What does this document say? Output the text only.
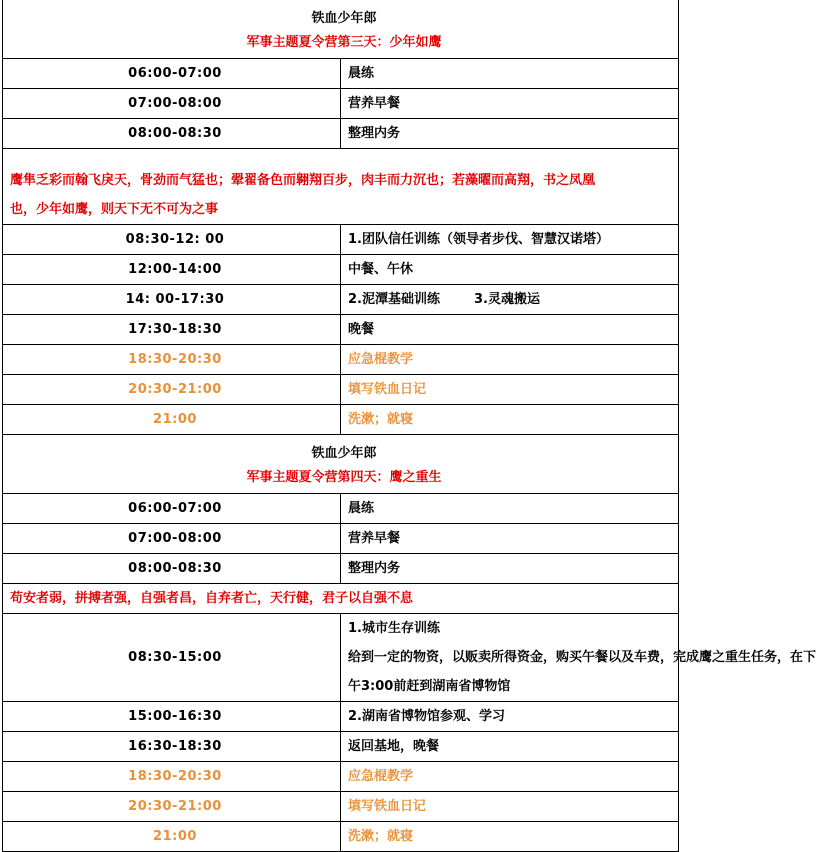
铁血少年郎
军事主题夏令营第三天：少年如鹰	

06:00-07:00	晨练
07:00-08:00	营养早餐
08:00-08:30	整理内务

鹰隼乏彩而翰飞戾天，骨劲而气猛也；翚翟备色而翱翔百步，肉丰而力沉也；若藻曜而高翔，书之凤凰
也，少年如鹰，则天下无不可为之事	

08:30-12: 00	1.团队信任训练（领导者步伐、智慧汉诺塔）
12:00-14:00	中餐、午休
14: 00-17:30	2.泥潭基础训练 3.灵魂搬运
17:30-18:30	晚餐
18:30-20:30	应急棍教学
20:30-21:00	填写铁血日记
21:00	洗漱；就寝

铁血少年郎
军事主题夏令营第四天：鹰之重生	

06:00-07:00	晨练
07:00-08:00	营养早餐
08:00-08:30	整理内务
苟安者弱，拼搏者强，自强者昌，自弃者亡，天行健，君子以自强不息	
08:30-15:00	1.城市生存训练
给到一定的物资，以贩卖所得资金，购买午餐以及车费，完成鹰之重生任务，在下
午3:00前赶到湖南省博物馆

15:00-16:30	2.湖南省博物馆参观、学习
16:30-18:30	返回基地，晚餐
18:30-20:30	应急棍教学
20:30-21:00	填写铁血日记
21:00	洗漱；就寝
